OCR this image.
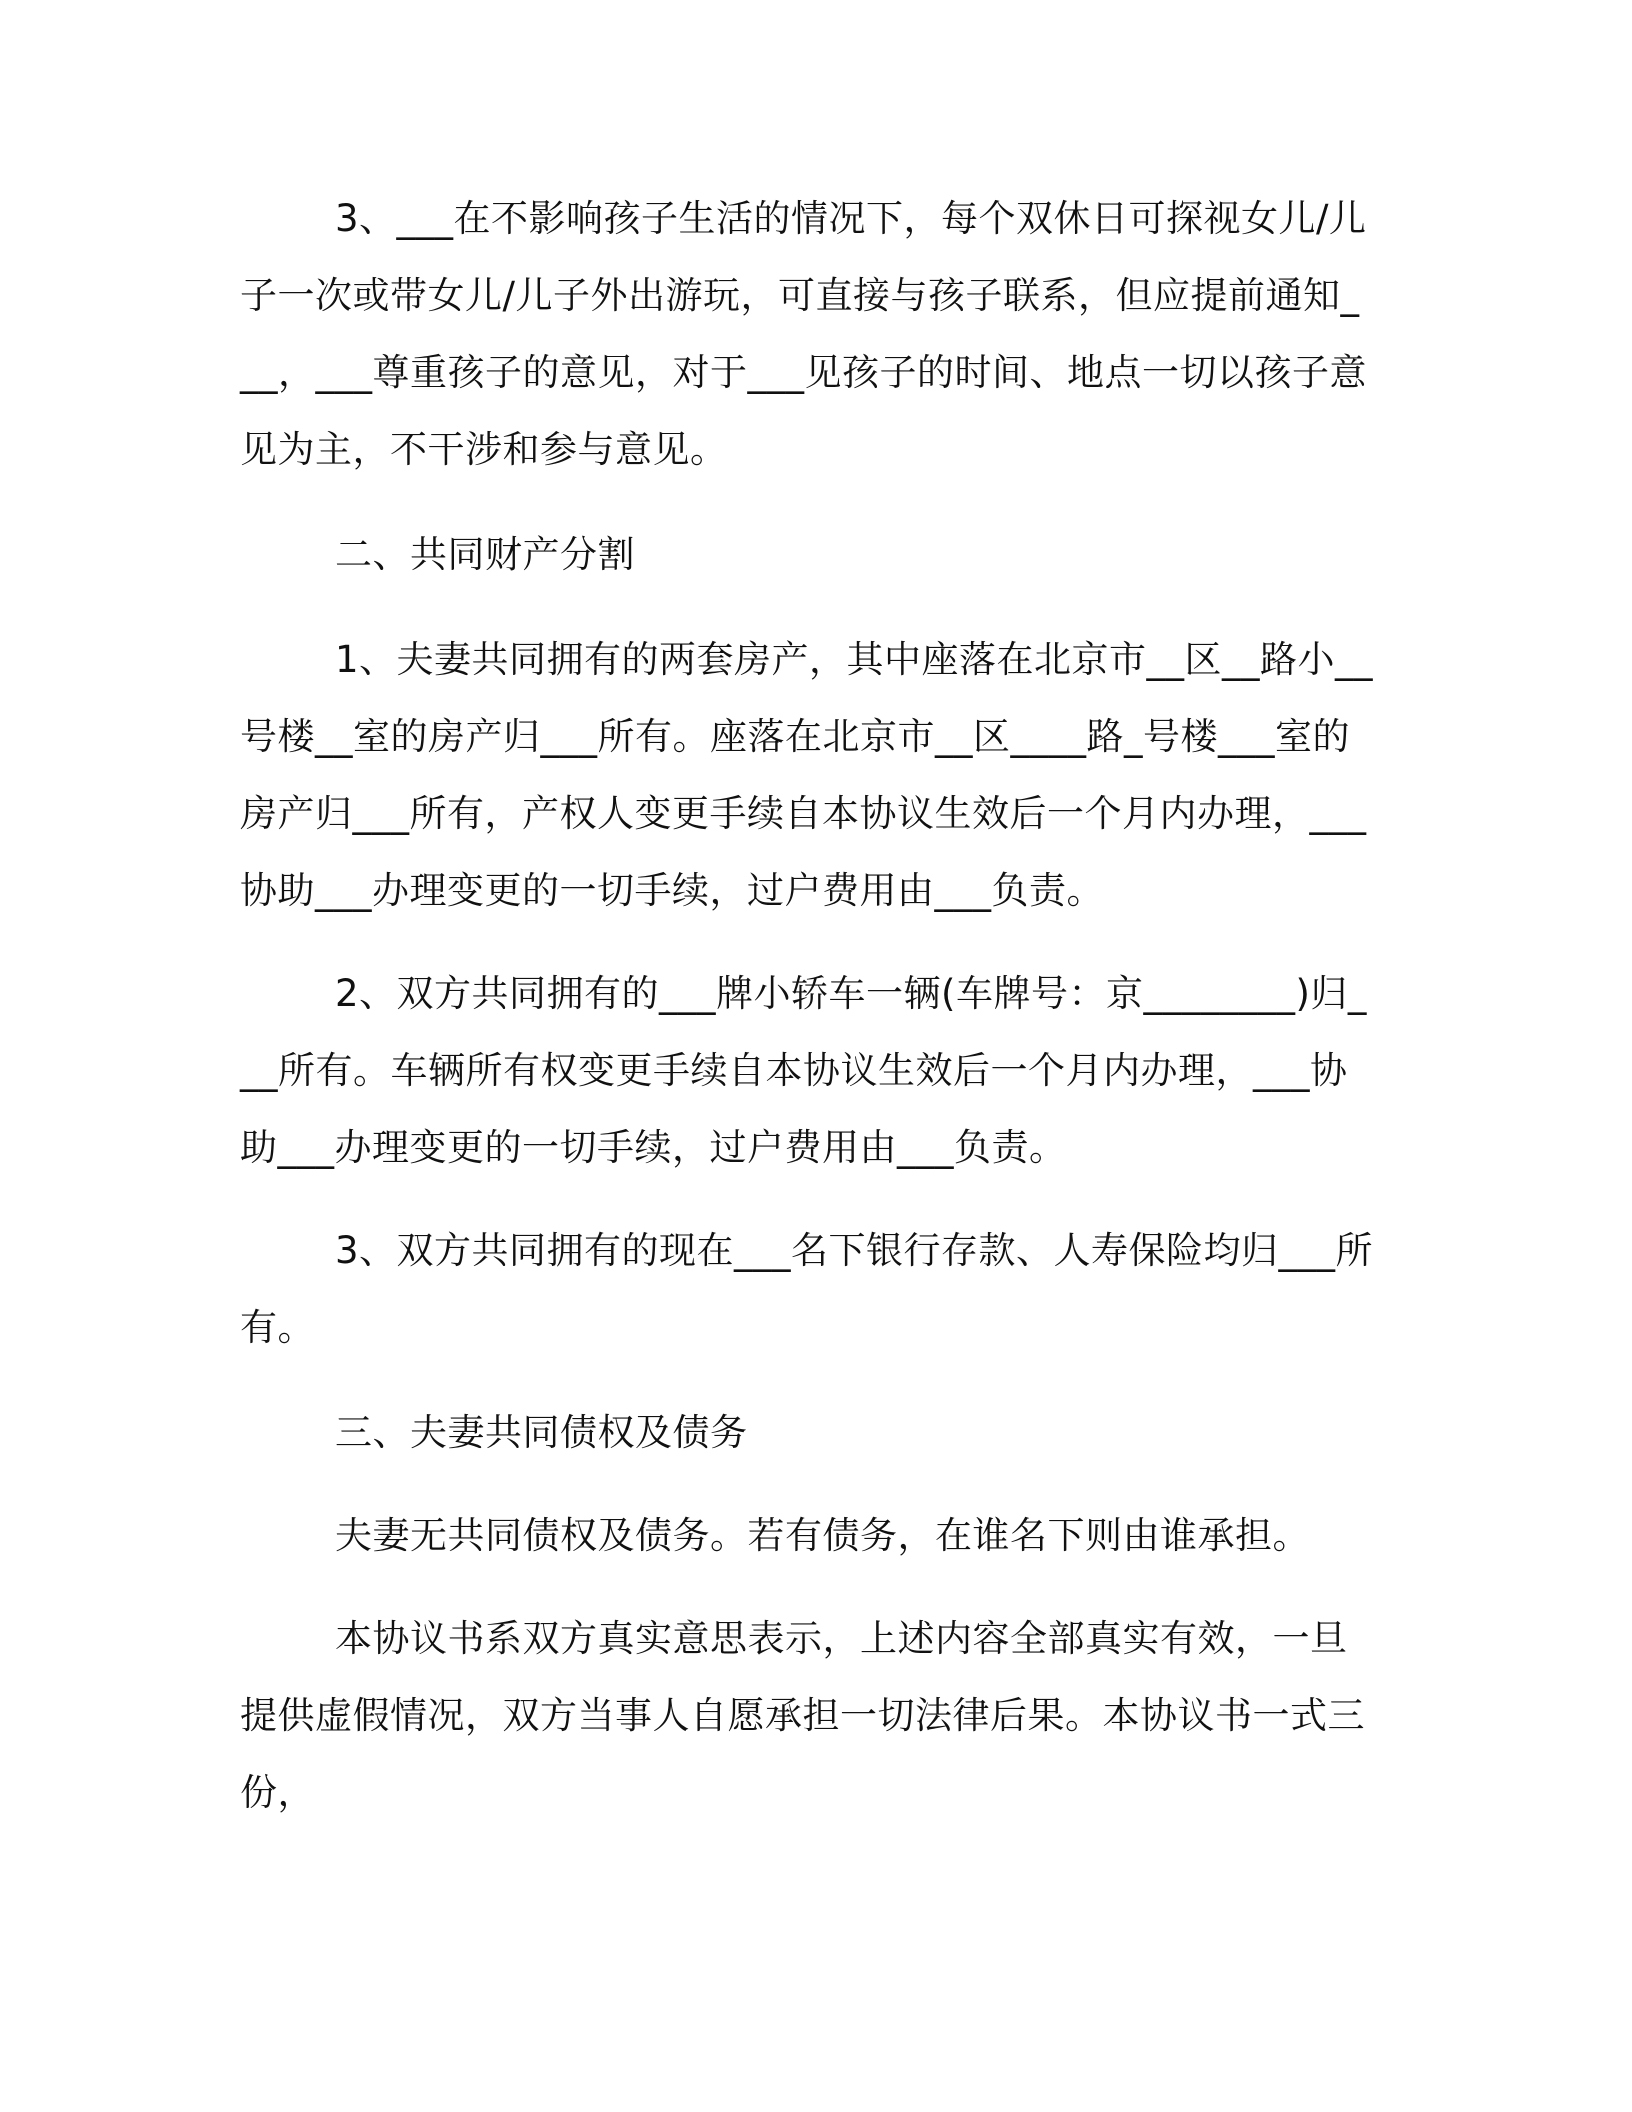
3、___在不影响孩子生活的情况下，每个双休日可探视女儿/儿子一次或带女儿/儿子外出游玩，可直接与孩子联系，但应提前通知___，___尊重孩子的意见，对于___见孩子的时间、地点一切以孩子意见为主，不干涉和参与意见。

二、共同财产分割

1、夫妻共同拥有的两套房产，其中座落在北京市__区__路小__号楼__室的房产归___所有。座落在北京市__区____路_号楼___室的房产归___所有，产权人变更手续自本协议生效后一个月内办理，___协助___办理变更的一切手续，过户费用由___负责。

2、双方共同拥有的___牌小轿车一辆(车牌号：京________)归___所有。车辆所有权变更手续自本协议生效后一个月内办理，___协助___办理变更的一切手续，过户费用由___负责。

3、双方共同拥有的现在___名下银行存款、人寿保险均归___所有。

三、夫妻共同债权及债务

夫妻无共同债权及债务。若有债务，在谁名下则由谁承担。

本协议书系双方真实意思表示，上述内容全部真实有效，一旦提供虚假情况，双方当事人自愿承担一切法律后果。本协议书一式三份，
